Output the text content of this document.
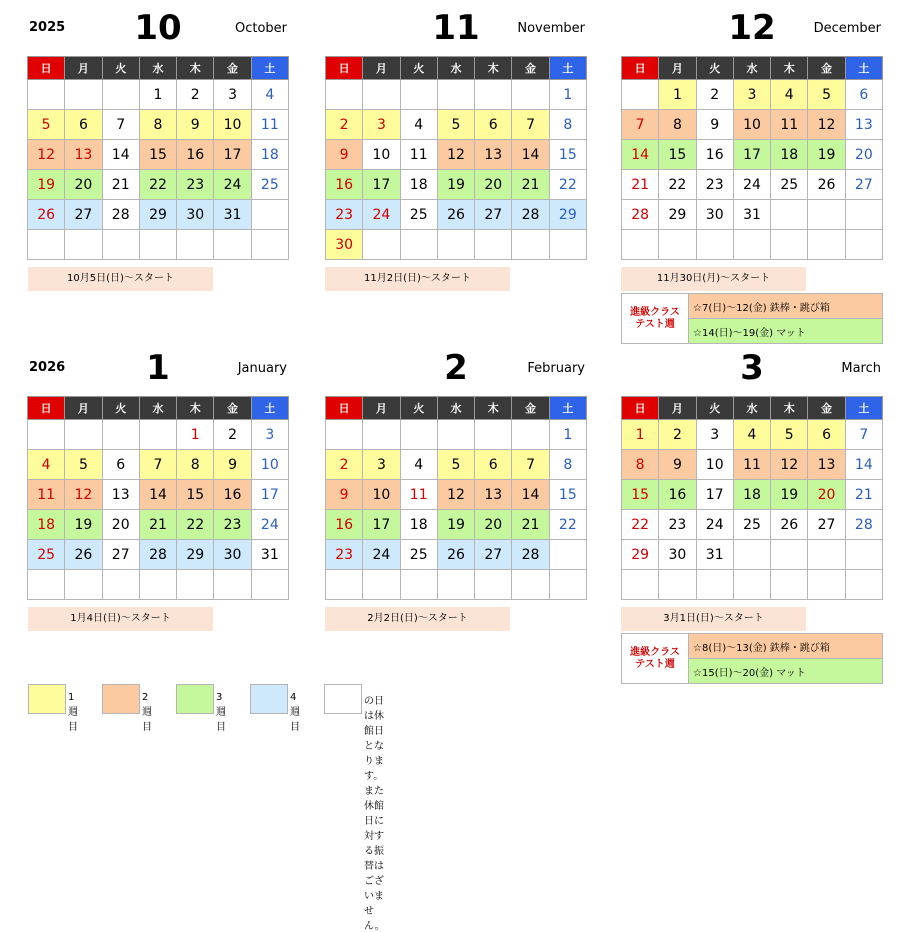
2025	10	October
日	月	火	水	木	金	土
			1	2	3	4
5	6	7	8	9	10	11
12	13	14	15	16	17	18
19	20	21	22	23	24	25
26	27	28	29	30	31	

11	November
日	月	火	水	木	金	土
						1
2	3	4	5	6	7	8
9	10	11	12	13	14	15
16	17	18	19	20	21	22
23	24	25	26	27	28	29
30						
12	December
日	月	火	水	木	金	土
	1	2	3	4	5	6
7	8	9	10	11	12	13
14	15	16	17	18	19	20
21	22	23	24	25	26	27
28	29	30	31			

2026	1	January
日	月	火	水	木	金	土
				1	2	3
4	5	6	7	8	9	10
11	12	13	14	15	16	17
18	19	20	21	22	23	24
25	26	27	28	29	30	31

2	February
日	月	火	水	木	金	土
						1
2	3	4	5	6	7	8
9	10	11	12	13	14	15
16	17	18	19	20	21	22
23	24	25	26	27	28	

3	March
日	月	火	水	木	金	土
1	2	3	4	5	6	7
8	9	10	11	12	13	14
15	16	17	18	19	20	21
22	23	24	25	26	27	28
29	30	31				

10月5日(日)～スタート	11月2日(日)～スタート	11月30日(月)～スタート
1月4日(日)～スタート	2月2日(日)～スタート	3月1日(日)～スタート
進級クラス
テスト週	☆7(日)～12(金) 鉄棒・跳び箱
☆14(日)～19(金) マット
進級クラス
テスト週	☆8(日)～13(金) 鉄棒・跳び箱
☆15(日)～20(金) マット
1週目
2週目
3週目
4週目
の日は休館日となります。また休館日に対する振替はございません。
